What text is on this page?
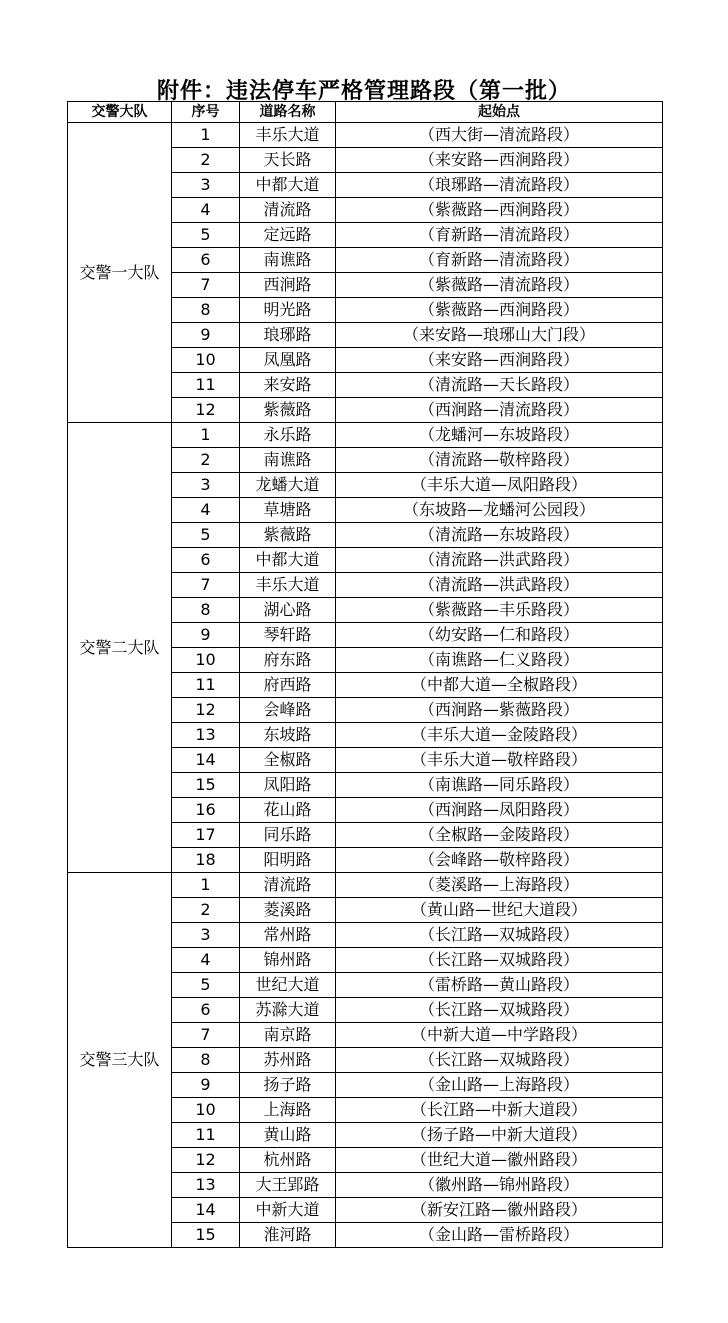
附件：违法停车严格管理路段（第一批）
交警大队	序号	道路名称	起始点
交警一大队	1	丰乐大道	（西大街—清流路段）
	2	天长路	（来安路—西涧路段）
	3	中都大道	（琅琊路—清流路段）
	4	清流路	（紫薇路—西涧路段）
	5	定远路	（育新路—清流路段）
	6	南谯路	（育新路—清流路段）
	7	西涧路	（紫薇路—清流路段）
	8	明光路	（紫薇路—西涧路段）
	9	琅琊路	（来安路—琅琊山大门段）
	10	凤凰路	（来安路—西涧路段）
	11	来安路	（清流路—天长路段）
	12	紫薇路	（西涧路—清流路段）
交警二大队	1	永乐路	（龙蟠河—东坡路段）
	2	南谯路	（清流路—敬梓路段）
	3	龙蟠大道	（丰乐大道—凤阳路段）
	4	草塘路	（东坡路—龙蟠河公园段）
	5	紫薇路	（清流路—东坡路段）
	6	中都大道	（清流路—洪武路段）
	7	丰乐大道	（清流路—洪武路段）
	8	湖心路	（紫薇路—丰乐路段）
	9	琴轩路	（幼安路—仁和路段）
	10	府东路	（南谯路—仁义路段）
	11	府西路	（中都大道—全椒路段）
	12	会峰路	（西涧路—紫薇路段）
	13	东坡路	（丰乐大道—金陵路段）
	14	全椒路	（丰乐大道—敬梓路段）
	15	凤阳路	（南谯路—同乐路段）
	16	花山路	（西涧路—凤阳路段）
	17	同乐路	（全椒路—金陵路段）
	18	阳明路	（会峰路—敬梓路段）
交警三大队	1	清流路	（菱溪路—上海路段）
	2	菱溪路	（黄山路—世纪大道段）
	3	常州路	（长江路—双城路段）
	4	锦州路	（长江路—双城路段）
	5	世纪大道	（雷桥路—黄山路段）
	6	苏滁大道	（长江路—双城路段）
	7	南京路	（中新大道—中学路段）
	8	苏州路	（长江路—双城路段）
	9	扬子路	（金山路—上海路段）
	10	上海路	（长江路—中新大道段）
	11	黄山路	（扬子路—中新大道段）
	12	杭州路	（世纪大道—徽州路段）
	13	大王郢路	（徽州路—锦州路段）
	14	中新大道	（新安江路—徽州路段）
	15	淮河路	（金山路—雷桥路段）
